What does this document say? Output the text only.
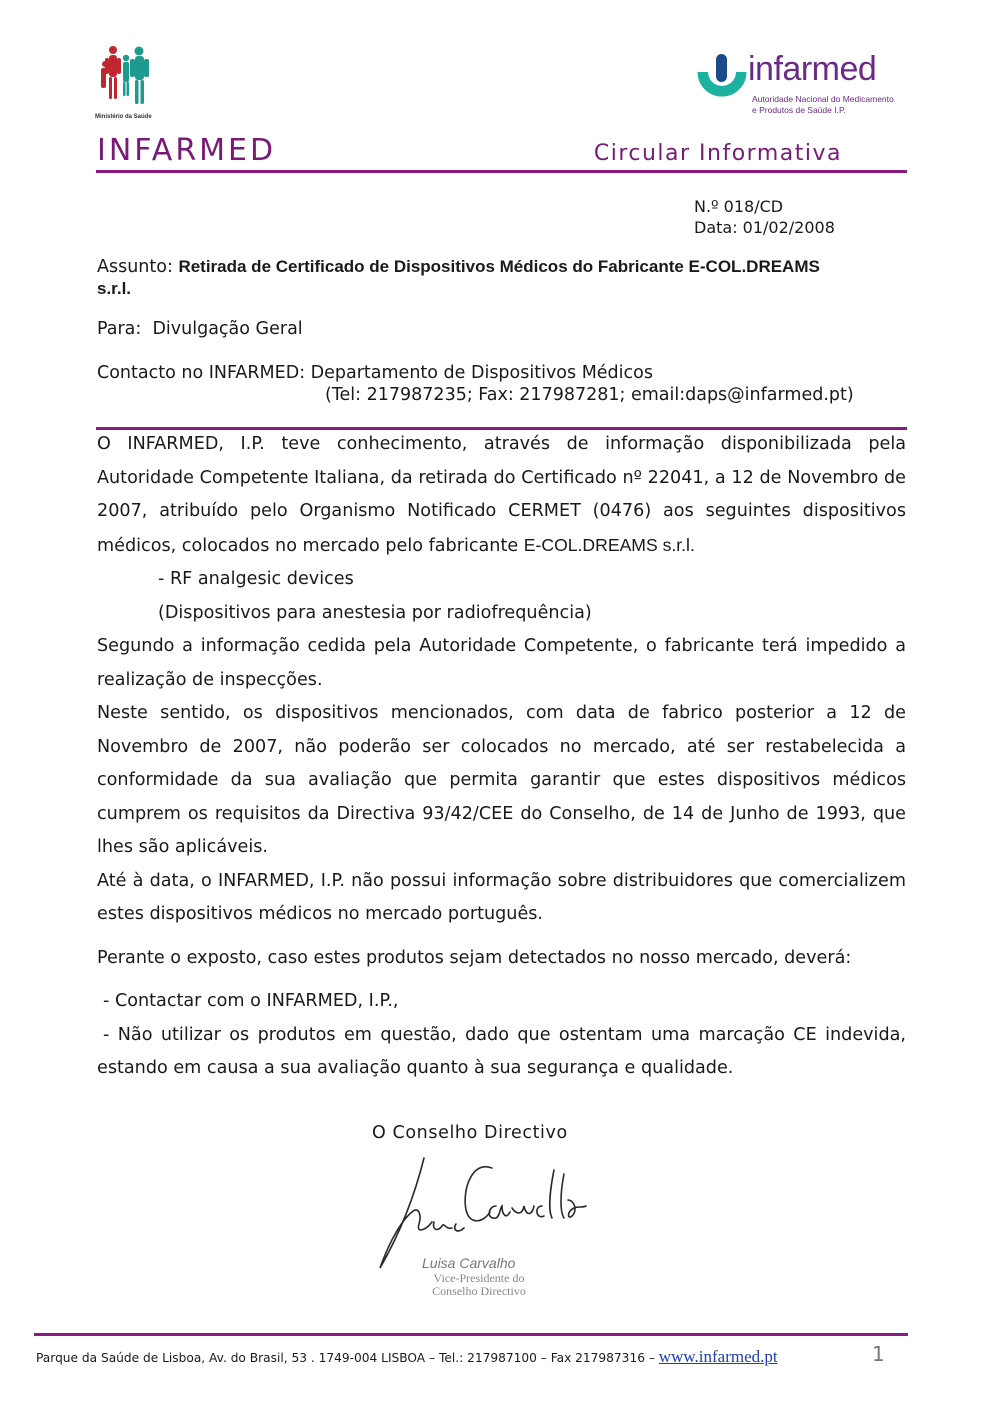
Ministério da Saúde
infarmed
Autoridade Nacional do Medicamento
e Produtos de Saúde I.P.
INFARMED	Circular Informativa
N.º 018/CD
Data: 01/02/2008
Assunto: Retirada de Certificado de Dispositivos Médicos do Fabricante E-COL.DREAMS
s.r.l.
Para: Divulgação Geral
Contacto no INFARMED: Departamento de Dispositivos Médicos
(Tel: 217987235; Fax: 217987281; email:daps@infarmed.pt)

O INFARMED, I.P. teve conhecimento, através de informação disponibilizada pela Autoridade Competente Italiana, da retirada do Certificado nº 22041, a 12 de Novembro de 2007, atribuído pelo Organismo Notificado CERMET (0476) aos seguintes dispositivos médicos, colocados no mercado pelo fabricante E-COL.DREAMS s.r.l.

- RF analgesic devices

(Dispositivos para anestesia por radiofrequência)

Segundo a informação cedida pela Autoridade Competente, o fabricante terá impedido a realização de inspecções.

Neste sentido, os dispositivos mencionados, com data de fabrico posterior a 12 de Novembro de 2007, não poderão ser colocados no mercado, até ser restabelecida a conformidade da sua avaliação que permita garantir que estes dispositivos médicos cumprem os requisitos da Directiva 93/42/CEE do Conselho, de 14 de Junho de 1993, que lhes são aplicáveis.

Até à data, o INFARMED, I.P. não possui informação sobre distribuidores que comercializem estes dispositivos médicos no mercado português.

Perante o exposto, caso estes produtos sejam detectados no nosso mercado, deverá:

- Contactar com o INFARMED, I.P.,

- Não utilizar os produtos em questão, dado que ostentam uma marcação CE indevida, estando em causa a sua avaliação quanto à sua segurança e qualidade.

O Conselho Directivo
Luisa Carvalho
Vice-Presidente do
Conselho Directivo
Parque da Saúde de Lisboa, Av. do Brasil, 53 . 1749-004 LISBOA – Tel.: 217987100 – Fax 217987316 – www.infarmed.pt	1
